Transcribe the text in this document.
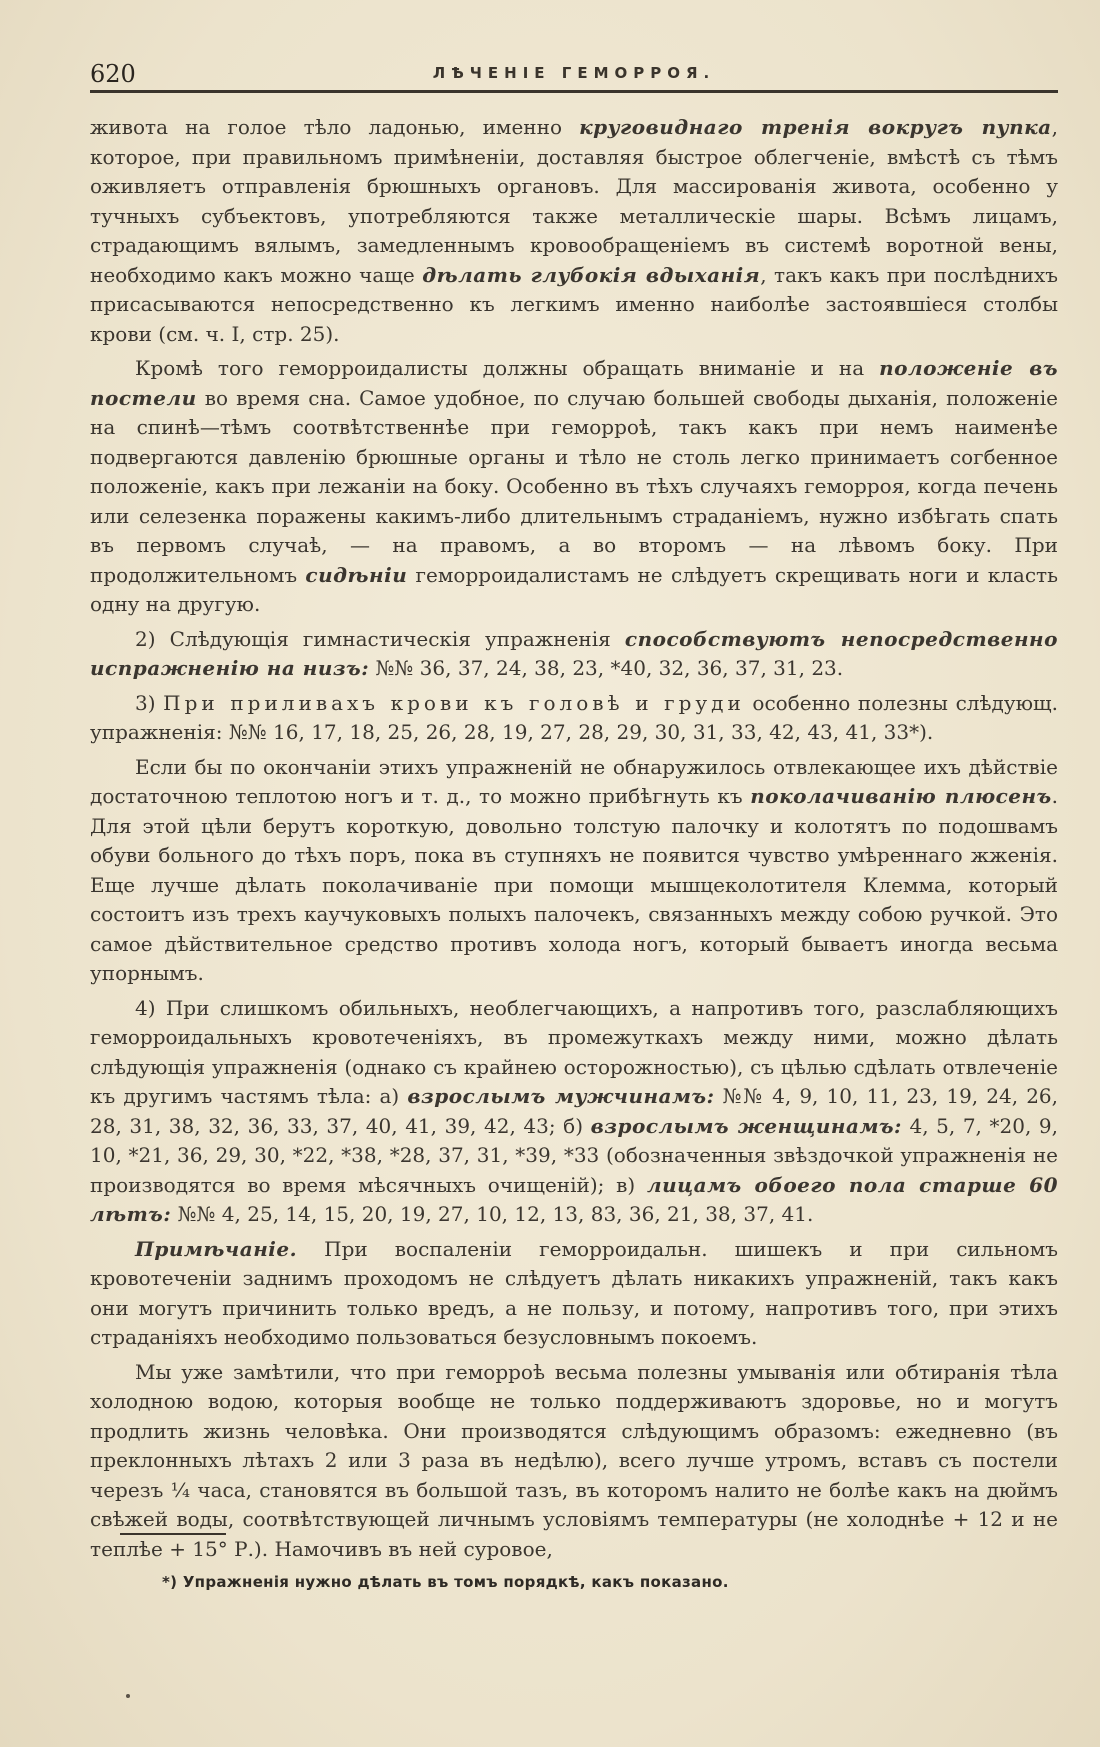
620	ЛѢЧЕНІЕ ГЕМОРРОЯ.

живота на голое тѣло ладонью, именно круговиднаго тренія вокругъ пупка, которое, при правильномъ примѣненіи, доставляя быстрое облегченіе, вмѣстѣ съ тѣмъ оживляетъ отправленія брюшныхъ органовъ. Для массированія живота, особенно у тучныхъ субъектовъ, употребляются также металлическіе шары. Всѣмъ лицамъ, страдающимъ вялымъ, замедленнымъ кровообращеніемъ въ системѣ воротной вены, необходимо какъ можно чаще дѣлать глубокія вдыханія, такъ какъ при послѣднихъ присасываются непосредственно къ легкимъ именно наиболѣе застоявшіеся столбы крови (см. ч. I, стр. 25).

Кромѣ того геморроидалисты должны обращать вниманіе и на положеніе въ постели во время сна. Самое удобное, по случаю большей свободы дыханія, положеніе на спинѣ—тѣмъ соотвѣтственнѣе при геморроѣ, такъ какъ при немъ наименѣе подвергаются давленію брюшные органы и тѣло не столь легко принимаетъ согбенное положеніе, какъ при лежаніи на боку. Особенно въ тѣхъ случаяхъ геморроя, когда печень или селезенка поражены какимъ-либо длительнымъ страданіемъ, нужно избѣгать спать въ первомъ случаѣ, — на правомъ, а во второмъ — на лѣвомъ боку. При продолжительномъ сидѣніи геморроидалистамъ не слѣдуетъ скрещивать ноги и класть одну на другую.

2) Слѣдующія гимнастическія упражненія способствуютъ непосредственно испражненію на низъ: №№ 36, 37, 24, 38, 23, *40, 32, 36, 37, 31, 23.

3) При приливахъ крови къ головѣ и груди особенно полезны слѣдующ. упражненія: №№ 16, 17, 18, 25, 26, 28, 19, 27, 28, 29, 30, 31, 33, 42, 43, 41, 33*).

Если бы по окончаніи этихъ упражненій не обнаружилось отвлекающее ихъ дѣйствіе достаточною теплотою ногъ и т. д., то можно прибѣгнуть къ поколачиванію плюсенъ. Для этой цѣли берутъ короткую, довольно толстую палочку и колотятъ по подошвамъ обуви больного до тѣхъ поръ, пока въ ступняхъ не появится чувство умѣреннаго жженія. Еще лучше дѣлать поколачиваніе при помощи мышцеколотителя Клемма, который состоитъ изъ трехъ каучуковыхъ полыхъ палочекъ, связанныхъ между собою ручкой. Это самое дѣйствительное средство противъ холода ногъ, который бываетъ иногда весьма упорнымъ.

4) При слишкомъ обильныхъ, необлегчающихъ, а напротивъ того, разслабляющихъ геморроидальныхъ кровотеченіяхъ, въ промежуткахъ между ними, можно дѣлать слѣдующія упражненія (однако съ крайнею осторожностью), съ цѣлью сдѣлать отвлеченіе къ другимъ частямъ тѣла: а) взрослымъ мужчинамъ: №№ 4, 9, 10, 11, 23, 19, 24, 26, 28, 31, 38, 32, 36, 33, 37, 40, 41, 39, 42, 43; б) взрослымъ женщинамъ: 4, 5, 7, *20, 9, 10, *21, 36, 29, 30, *22, *38, *28, 37, 31, *39, *33 (обозначенныя звѣздочкой упражненія не производятся во время мѣсячныхъ очищеній); в) лицамъ обоего пола старше 60 лѣтъ: №№ 4, 25, 14, 15, 20, 19, 27, 10, 12, 13, 83, 36, 21, 38, 37, 41.

Примѣчаніе. При воспаленіи геморроидальн. шишекъ и при сильномъ кровотеченіи заднимъ проходомъ не слѣдуетъ дѣлать никакихъ упражненій, такъ какъ они могутъ причинить только вредъ, а не пользу, и потому, напротивъ того, при этихъ страданіяхъ необходимо пользоваться безусловнымъ покоемъ.

Мы уже замѣтили, что при геморроѣ весьма полезны умыванія или обтиранія тѣла холодною водою, которыя вообще не только поддерживаютъ здоровье, но и могутъ продлить жизнь человѣка. Они производятся слѣдующимъ образомъ: ежедневно (въ преклонныхъ лѣтахъ 2 или 3 раза въ недѣлю), всего лучше утромъ, вставъ съ постели черезъ ¼ часа, становятся въ большой тазъ, въ которомъ налито не болѣе какъ на дюймъ свѣжей воды, соотвѣтствующей личнымъ условіямъ температуры (не холоднѣе + 12 и не теплѣе + 15° Р.). Намочивъ въ ней суровое,

*) Упражненія нужно дѣлать въ томъ порядкѣ, какъ показано.
